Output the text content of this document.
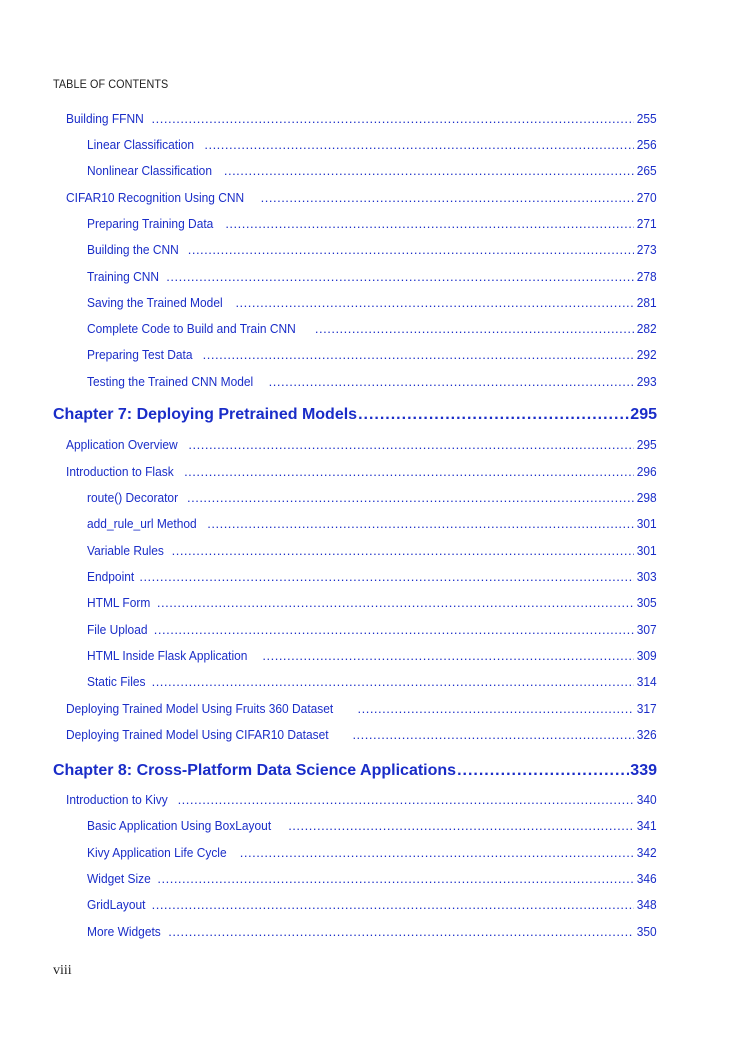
TABLE OF CONTENTS
Building FFNN .....	255
Linear Classification .....	256
Nonlinear Classification .....	265
CIFAR10 Recognition Using CNN .....	270
Preparing Training Data .....	271
Building the CNN .....	273
Training CNN .....	278
Saving the Trained Model .....	281
Complete Code to Build and Train CNN .....	282
Preparing Test Data .....	292
Testing the Trained CNN Model .....	293
Chapter 7: Deploying Pretrained Models .....	295
Application Overview .....	295
Introduction to Flask .....	296
route() Decorator .....	298
add_rule_url Method .....	301
Variable Rules .....	301
Endpoint .....	303
HTML Form .....	305
File Upload .....	307
HTML Inside Flask Application .....	309
Static Files .....	314
Deploying Trained Model Using Fruits 360 Dataset .....	317
Deploying Trained Model Using CIFAR10 Dataset .....	326
Chapter 8: Cross-Platform Data Science Applications .....	339
Introduction to Kivy .....	340
Basic Application Using BoxLayout .....	341
Kivy Application Life Cycle .....	342
Widget Size .....	346
GridLayout .....	348
More Widgets .....	350
viii
